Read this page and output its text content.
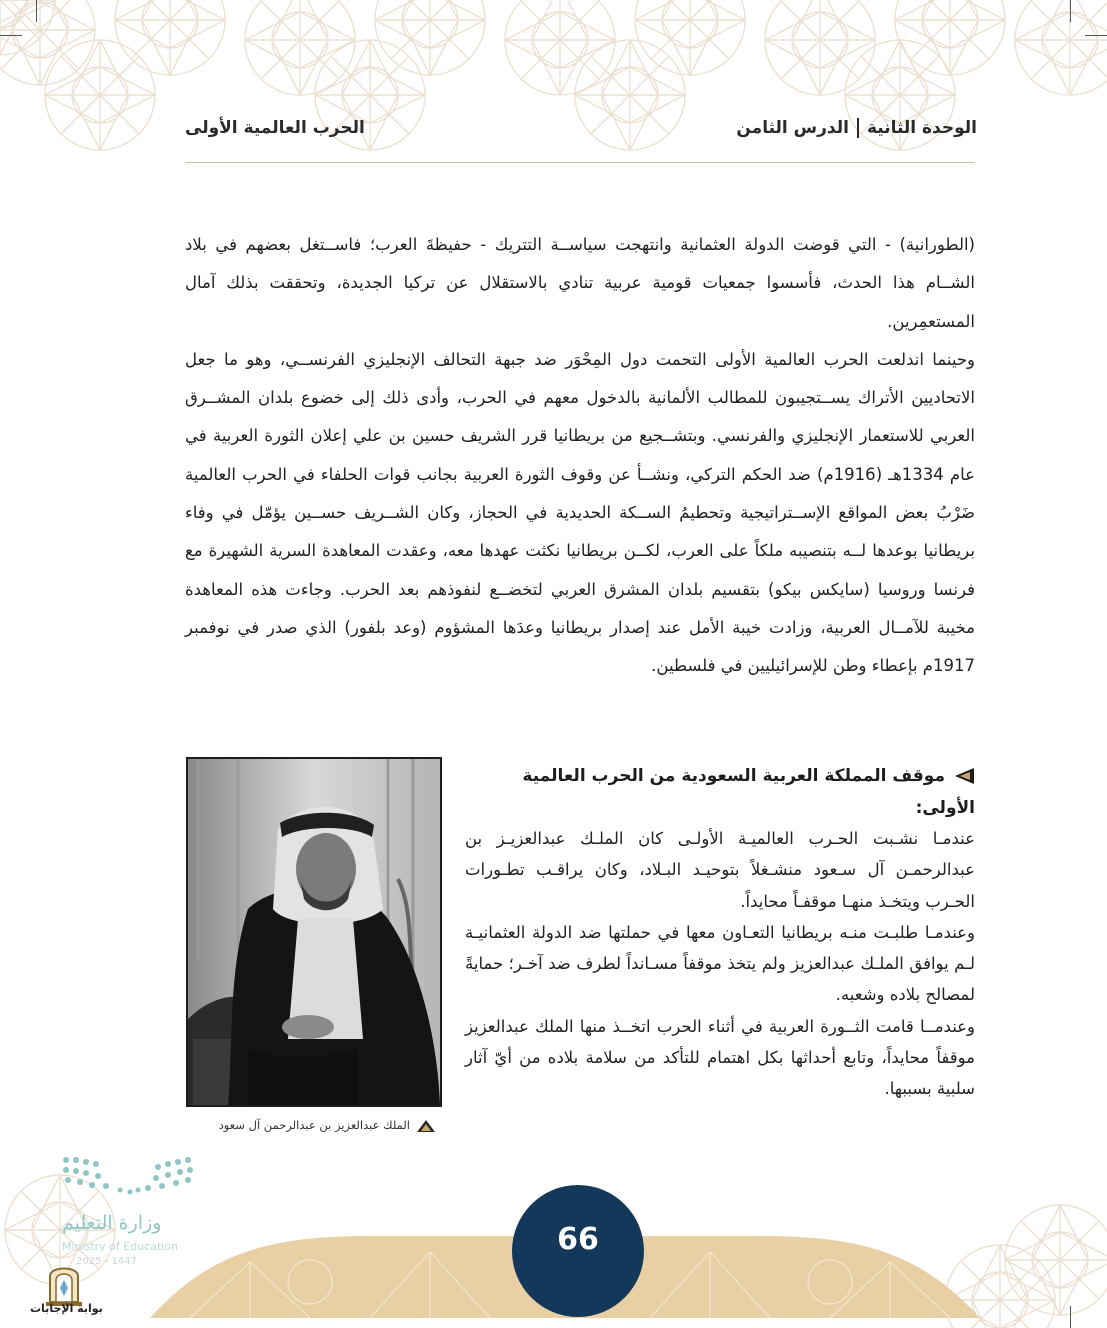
الوحدة الثانيةالدرس الثامن
الحرب العالمية الأولى

(الطورانية) - التي قوضت الدولة العثمانية وانتهجت سياســة التتريك - حفيظةَ العرب؛ فاســتغل بعضهم في بلاد الشــام هذا الحدث، فأسسوا جمعيات قومية عربية تنادي بالاستقلال عن تركيا الجديدة، وتحققت بذلك آمال المستعمِرين.

وحينما اندلعت الحرب العالمية الأولى التحمت دول المِحْوَر ضد جبهة التحالف الإنجليزي الفرنســي، وهو ما جعل الاتحاديين الأتراك يســتجيبون للمطالب الألمانية بالدخول معهم في الحرب، وأدى ذلك إلى خضوع بلدان المشــرق العربي للاستعمار الإنجليزي والفرنسي. وبتشــجيع من بريطانيا قرر الشريف حسين بن علي إعلان الثورة العربية في عام 1334هـ (1916م) ضد الحكم التركي، ونشــأ عن وقوف الثورة العربية بجانب قوات الحلفاء في الحرب العالمية ضَرْبُ بعض المواقع الإســتراتيجية وتحطيمُ الســكة الحديدية في الحجاز، وكان الشــريف حســين يؤمّل في وفاء بريطانيا بوعدها لــه بتنصيبه ملكاً على العرب، لكــن بريطانيا نكثت عهدها معه، وعقدت المعاهدة السرية الشهيرة مع فرنسا وروسيا (سايكس بيكو) بتقسيم بلدان المشرق العربي لتخضــع لنفوذهم بعد الحرب. وجاءت هذه المعاهدة مخيبة للآمــال العربية، وزادت خيبة الأمل عند إصدار بريطانيا وعدَها المشؤوم (وعد بلفور) الذي صدر في نوفمبر 1917م بإعطاء وطن للإسرائيليين في فلسطين.

الملك عبدالعزيز بن عبدالرحمن آل سعود
موقف المملكة العربية السعودية من الحرب العالمية الأولى:

عندمـا نشـبت الحـرب العالميـة الأولـى كان الملـك عبدالعزيـز بن عبدالرحمـن آل سـعود منشـغلاً بتوحيـد البـلاد، وكان يراقـب تطـورات الحـرب ويتخـذ منهـا موقفـاً محايداً.

وعندمـا طلبـت منـه بريطانيا التعـاون معها في حملتها ضد الدولة العثمانيـة لـم يوافق الملـك عبدالعزيز ولم يتخذ موقفاً مسـانداً لطرف ضد آخـر؛ حمايةً لمصالح بلاده وشعبه.

وعندمــا قامت الثــورة العربية في أثناء الحرب اتخــذ منها الملك عبدالعزيز موقفاً محايداً، وتابع أحداثها بكل اهتمام للتأكد من سلامة بلاده من أيّ آثار سلبية بسببها.

66
وزارة التعليم
Ministry of Education
2025 - 1447
بوابة الإجابات
